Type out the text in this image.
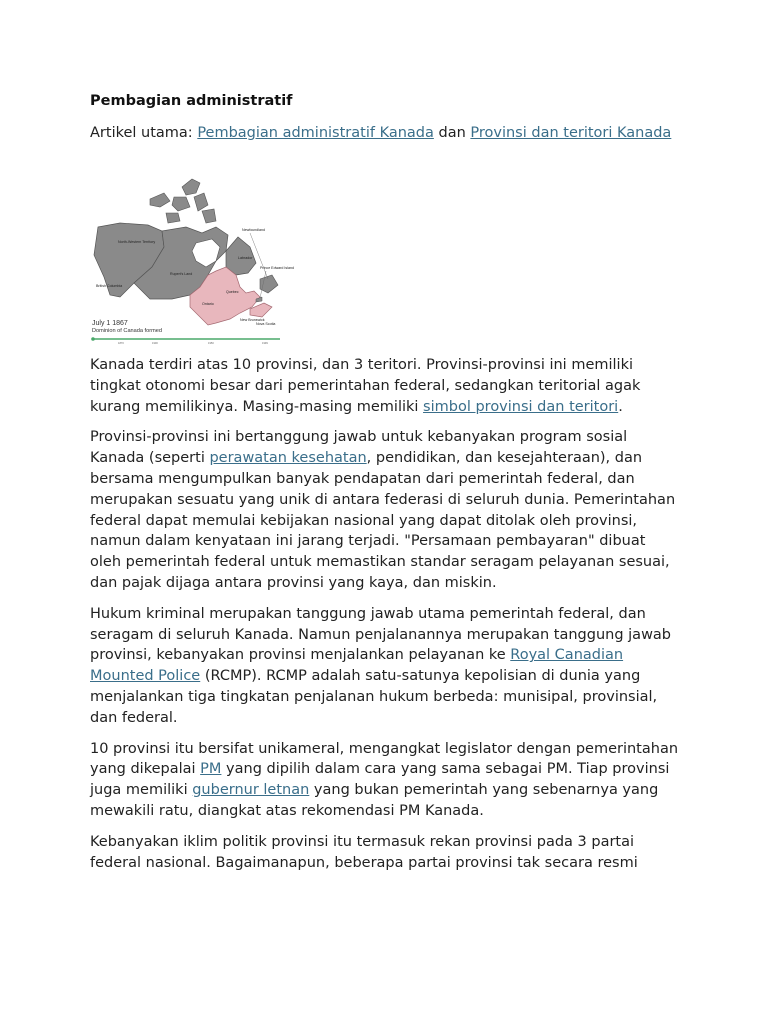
Pembagian administratif

Artikel utama: Pembagian administratif Kanada dan Provinsi dan teritori Kanada

North-Western Territory
Rupert's Land
British Columbia
Labrador
Newfoundland
Prince Edward Island
Ontario
Quebec
New Brunswick
Nova Scotia
July 1 1867
Dominion of Canada formed
1870	1900	1950	1999

Kanada terdiri atas 10 provinsi, dan 3 teritori. Provinsi-provinsi ini memiliki tingkat otonomi besar dari pemerintahan federal, sedangkan teritorial agak kurang memilikinya. Masing-masing memiliki simbol provinsi dan teritori.

Provinsi-provinsi ini bertanggung jawab untuk kebanyakan program sosial Kanada (seperti perawatan kesehatan, pendidikan, dan kesejahteraan), dan bersama mengumpulkan banyak pendapatan dari pemerintah federal, dan merupakan sesuatu yang unik di antara federasi di seluruh dunia. Pemerintahan federal dapat memulai kebijakan nasional yang dapat ditolak oleh provinsi, namun dalam kenyataan ini jarang terjadi. "Persamaan pembayaran" dibuat oleh pemerintah federal untuk memastikan standar seragam pelayanan sesuai, dan pajak dijaga antara provinsi yang kaya, dan miskin.

Hukum kriminal merupakan tanggung jawab utama pemerintah federal, dan seragam di seluruh Kanada. Namun penjalanannya merupakan tanggung jawab provinsi, kebanyakan provinsi menjalankan pelayanan ke Royal Canadian Mounted Police (RCMP). RCMP adalah satu-satunya kepolisian di dunia yang menjalankan tiga tingkatan penjalanan hukum berbeda: munisipal, provinsial, dan federal.

10 provinsi itu bersifat unikameral, mengangkat legislator dengan pemerintahan yang dikepalai PM yang dipilih dalam cara yang sama sebagai PM. Tiap provinsi juga memiliki gubernur letnan yang bukan pemerintah yang sebenarnya yang mewakili ratu, diangkat atas rekomendasi PM Kanada.

Kebanyakan iklim politik provinsi itu termasuk rekan provinsi pada 3 partai federal nasional. Bagaimanapun, beberapa partai provinsi tak secara resmi
